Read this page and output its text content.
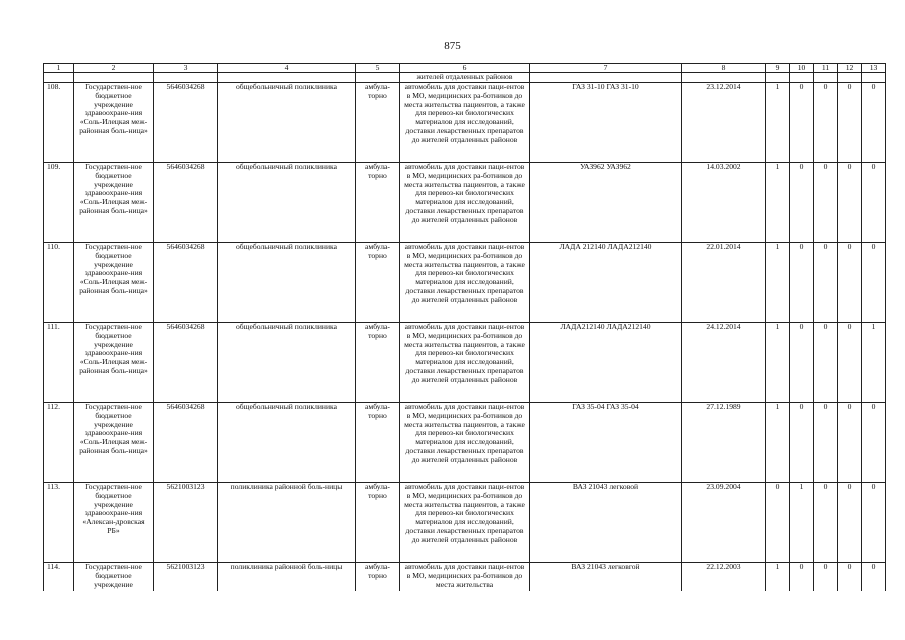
875
1	2	3	4	5	6	7	8	9	10	11	12	13
					жителей отдаленных районов							
108.	Государствен-ное бюджетное учреждение здравоохране-ния «Соль-Илецкая меж-районная боль-ница»	5646034268	общебольничный поликлиника	амбула-торно	автомобиль для доставки паци-ентов в МО, медицинских ра-ботников до места жительства пациентов, а также для перевоз-ки биологических материалов для исследований, доставки лекарственных препаратов до жителей отдаленных районов	ГАЗ 31-10 ГАЗ 31-10	23.12.2014	1	0	0	0	0
109.	Государствен-ное бюджетное учреждение здравоохране-ния «Соль-Илецкая меж-районная боль-ница»	5646034268	общебольничный поликлиника	амбула-торно	автомобиль для доставки паци-ентов в МО, медицинских ра-ботников до места жительства пациентов, а также для перевоз-ки биологических материалов для исследований, доставки лекарственных препаратов до жителей отдаленных районов	УАЗ962 УАЗ962	14.03.2002	1	0	0	0	0
110.	Государствен-ное бюджетное учреждение здравоохране-ния «Соль-Илецкая меж-районная боль-ница»	5646034268	общебольничный поликлиника	амбула-торно	автомобиль для доставки паци-ентов в МО, медицинских ра-ботников до места жительства пациентов, а также для перевоз-ки биологических материалов для исследований, доставки лекарственных препаратов до жителей отдаленных районов	ЛАДА 212140 ЛАДА212140	22.01.2014	1	0	0	0	0
111.	Государствен-ное бюджетное учреждение здравоохране-ния «Соль-Илецкая меж-районная боль-ница»	5646034268	общебольничный поликлиника	амбула-торно	автомобиль для доставки паци-ентов в МО, медицинских ра-ботников до места жительства пациентов, а также для перевоз-ки биологических материалов для исследований, доставки лекарственных препаратов до жителей отдаленных районов	ЛАДА212140 ЛАДА212140	24.12.2014	1	0	0	0	1
112.	Государствен-ное бюджетное учреждение здравоохране-ния «Соль-Илецкая меж-районная боль-ница»	5646034268	общебольничный поликлиника	амбула-торно	автомобиль для доставки паци-ентов в МО, медицинских ра-ботников до места жительства пациентов, а также для перевоз-ки биологических материалов для исследований, доставки лекарственных препаратов до жителей отдаленных районов	ГАЗ 35-04 ГАЗ 35-04	27.12.1989	1	0	0	0	0
113.	Государствен-ное бюджетное учреждение здравоохране-ния «Алексан-дровская РБ»	5621003123	поликлиника районной боль-ницы	амбула-торно	автомобиль для доставки паци-ентов в МО, медицинских ра-ботников до места жительства пациентов, а также для перевоз-ки биологических материалов для исследований, доставки лекарственных препаратов до жителей отдаленных районов	ВАЗ 21043 легковой	23.09.2004	0	1	0	0	0
114.	Государствен-ное бюджетное учреждение	5621003123	поликлиника районной боль-ницы	амбула-торно	автомобиль для доставки паци-ентов в МО, медицинских ра-ботников до места жительства	ВАЗ 21043 легковгой	22.12.2003	1	0	0	0	0
